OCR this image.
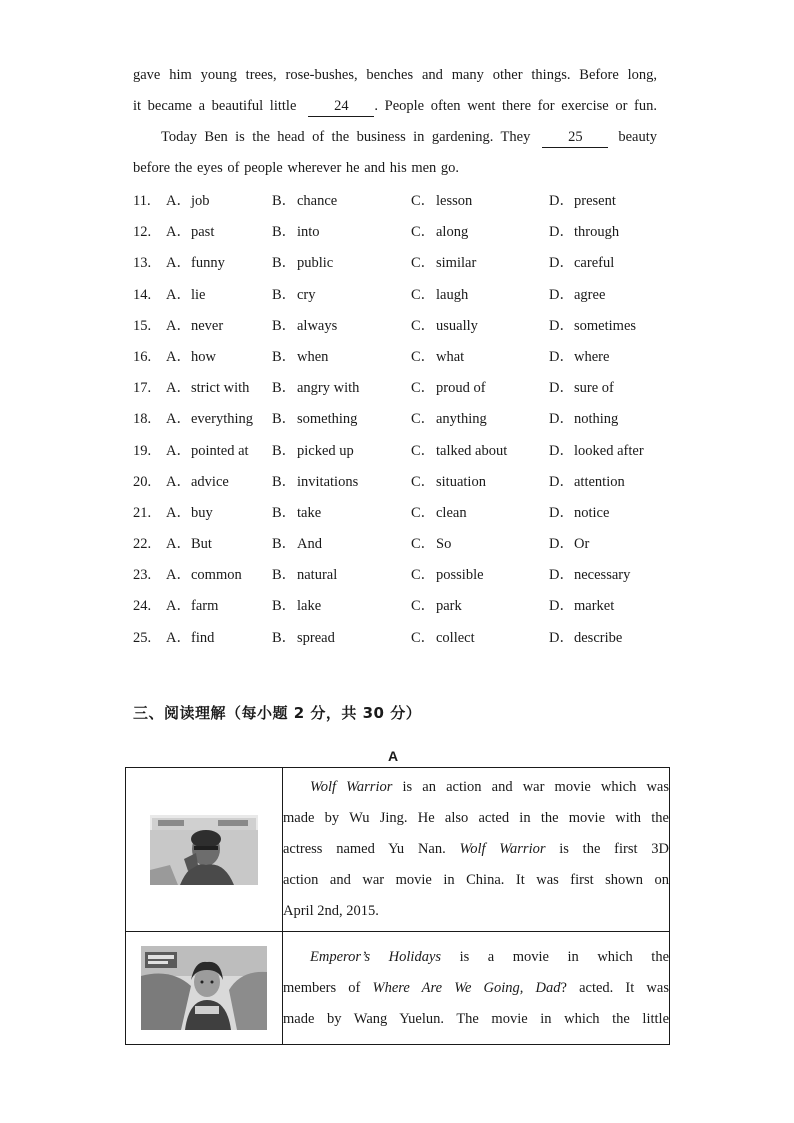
gave him young trees, rose-bushes, benches and many other things. Before long,
it became a beautiful little	24	. People often went there for exercise or fun.
Today Ben is the head of the business in gardening. They	25	beauty
before the eyes of people wherever he and his men go.
11. A．job	B．chance	C．lesson	D．present
12. A．past	B．into	C．along	D．through
13. A．funny	B．public	C．similar	D．careful
14. A．lie	B．cry	C．laugh	D．agree
15. A．never	B．always	C．usually	D．sometimes
16. A．how	B．when	C．what	D．where
17. A．strict with B．angry with	C．proud of	D．sure of
18. A．everything B．something	C．anything	D．nothing
19. A．pointed at B．picked up	C．talked about	D．looked after
20. A．advice	B．invitations	C．situation	D．attention
21. A．buy	B．take	C．clean	D．notice
22. A．But	B．And	C．So	D．Or
23. A．common B．natural	C．possible	D．necessary
24. A．farm	B．lake	C．park	D．market
25. A．find	B．spread	C．collect	D．describe
三、阅读理解（每小题 2 分，共 30 分）
A

Wolf Warrior is an action and war movie which was
made by Wu Jing. He also acted in the movie with the
actress named Yu Nan. Wolf Warrior is the first 3D
action and war movie in China. It was first shown on
April 2nd, 2015.

Emperor’s Holidays is a movie in which the
members of Where Are We Going, Dad? acted. It was
made by Wang Yuelun. The movie in which the little
